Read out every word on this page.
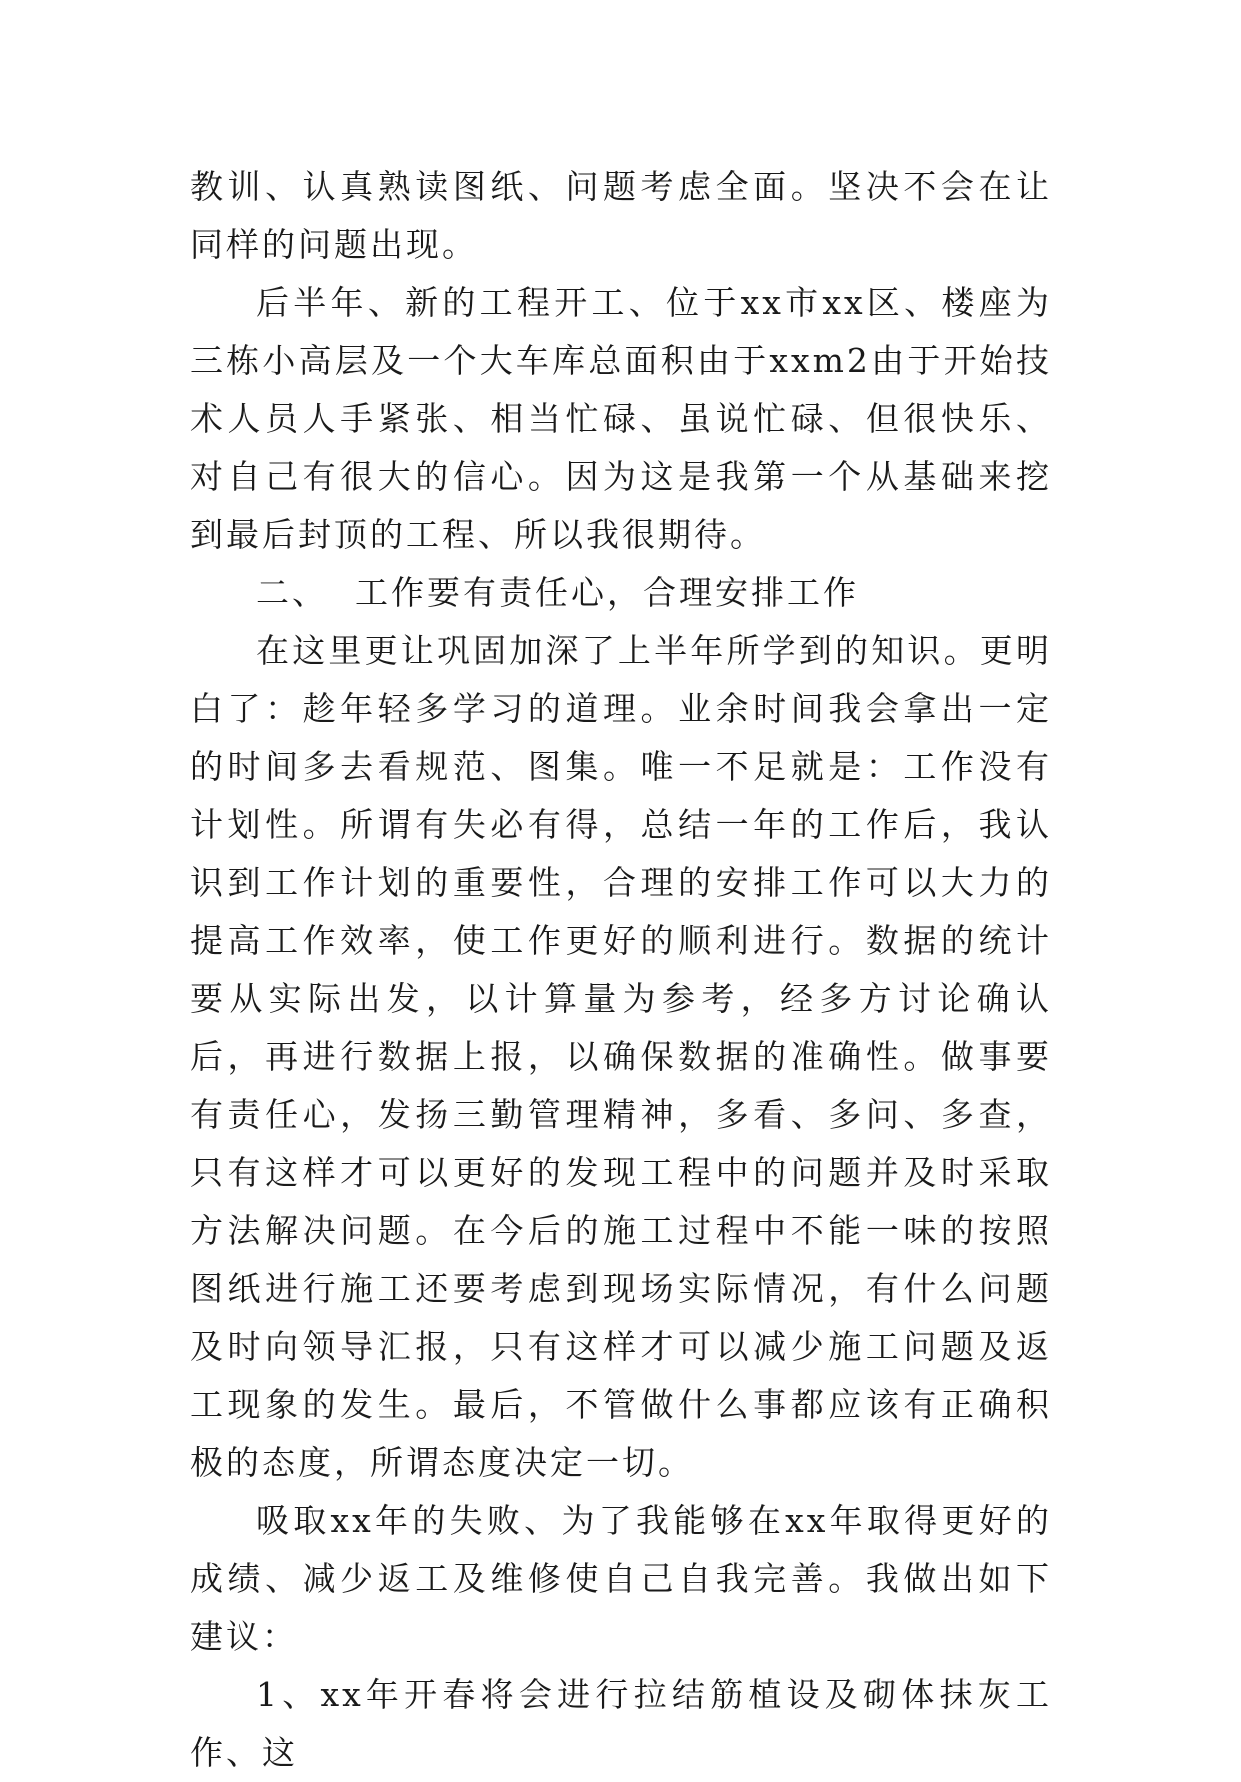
教训、认真熟读图纸、问题考虑全面。坚决不会在让同样的问题出现。

后半年、新的工程开工、位于xx市xx区、楼座为三栋小高层及一个大车库总面积由于xxm2由于开始技术人员人手紧张、相当忙碌、虽说忙碌、但很快乐、对自己有很大的信心。因为这是我第一个从基础来挖到最后封顶的工程、所以我很期待。

二、  工作要有责任心，合理安排工作

在这里更让巩固加深了上半年所学到的知识。更明白了：趁年轻多学习的道理。业余时间我会拿出一定的时间多去看规范、图集。唯一不足就是：工作没有计划性。所谓有失必有得，总结一年的工作后，我认识到工作计划的重要性，合理的安排工作可以大力的提高工作效率，使工作更好的顺利进行。数据的统计要从实际出发，以计算量为参考，经多方讨论确认后，再进行数据上报，以确保数据的准确性。做事要有责任心，发扬三勤管理精神，多看、多问、多查，只有这样才可以更好的发现工程中的问题并及时采取方法解决问题。在今后的施工过程中不能一味的按照图纸进行施工还要考虑到现场实际情况，有什么问题及时向领导汇报，只有这样才可以减少施工问题及返工现象的发生。最后，不管做什么事都应该有正确积极的态度，所谓态度决定一切。

吸取xx年的失败、为了我能够在xx年取得更好的成绩、减少返工及维修使自己自我完善。我做出如下建议：

1、xx年开春将会进行拉结筋植设及砌体抹灰工作、这
